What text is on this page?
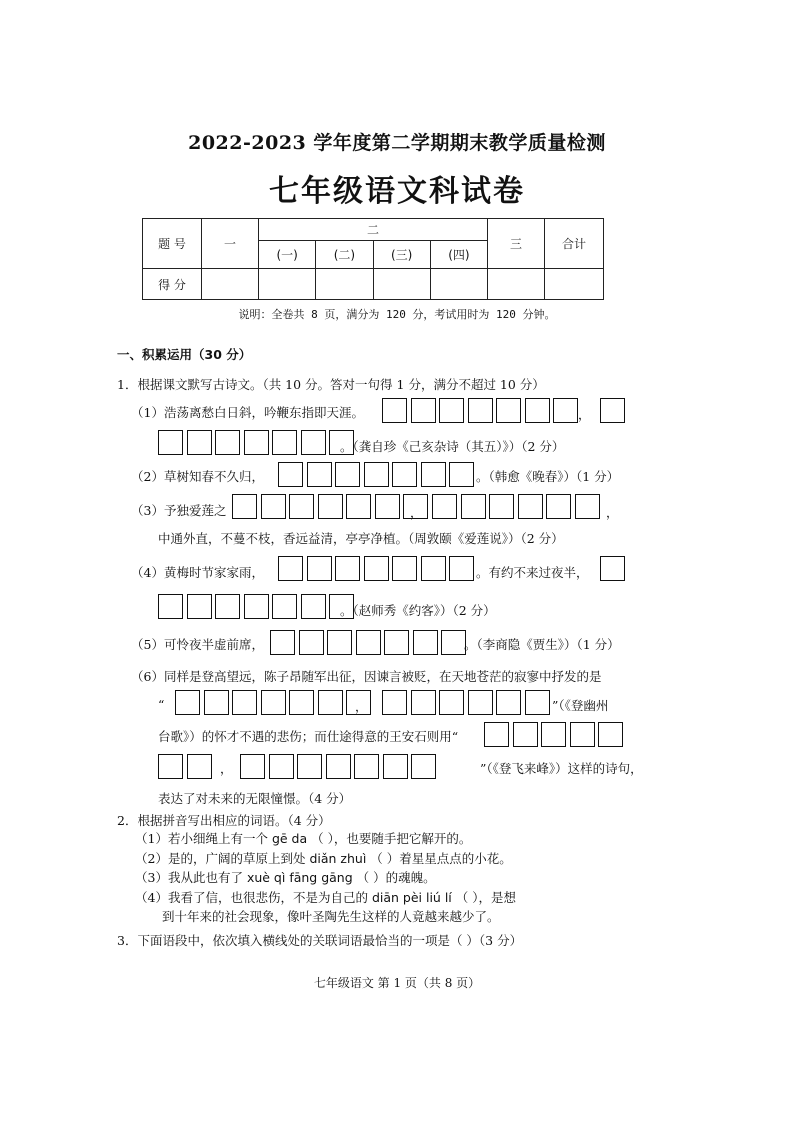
2022-2023 学年度第二学期期末教学质量检测
七年级语文科试卷
题 号	一	二				三	合计
		(一)	(二)	(三)	(四)		
得 分							
说明：全卷共 8 页，满分为 120 分，考试用时为 120 分钟。
一、积累运用（30 分）
1．根据课文默写古诗文。（共 10 分。答对一句得 1 分，满分不超过 10 分）
（1）浩荡离愁白日斜，吟鞭东指即天涯。	，
。（龚自珍《己亥杂诗（其五）》）（2 分）
（2）草树知春不久归，	。（韩愈《晚春》）（1 分）
（3）予独爱莲之	，	，
中通外直，不蔓不枝，香远益清，亭亭净植。（周敦颐《爱莲说》）（2 分）
（4）黄梅时节家家雨，	。有约不来过夜半，
。（赵师秀《约客》）（2 分）
（5）可怜夜半虚前席，	。（李商隐《贾生》）（1 分）
（6）同样是登高望远，陈子昂随军出征，因谏言被贬，在天地苍茫的寂寥中抒发的是
“	，	”（《登幽州
台歌》）的怀才不遇的悲伤；而仕途得意的王安石则用“
，	”（《登飞来峰》）这样的诗句，
表达了对未来的无限憧憬。（4 分）
2．根据拼音写出相应的词语。（4 分）
（1）若小细绳上有一个 gē da （ ），也要随手把它解开的。
（2）是的，广阔的草原上到处 diǎn zhuì （ ）着星星点点的小花。
（3）我从此也有了 xuè qì fāng gāng （ ）的魂魄。
（4）我看了信，也很悲伤，不是为自己的 diān pèi liú lí （ ），是想
到十年来的社会现象，像叶圣陶先生这样的人竟越来越少了。
3．下面语段中，依次填入横线处的关联词语最恰当的一项是（ ）（3 分）
七年级语文 第 1 页（共 8 页）
